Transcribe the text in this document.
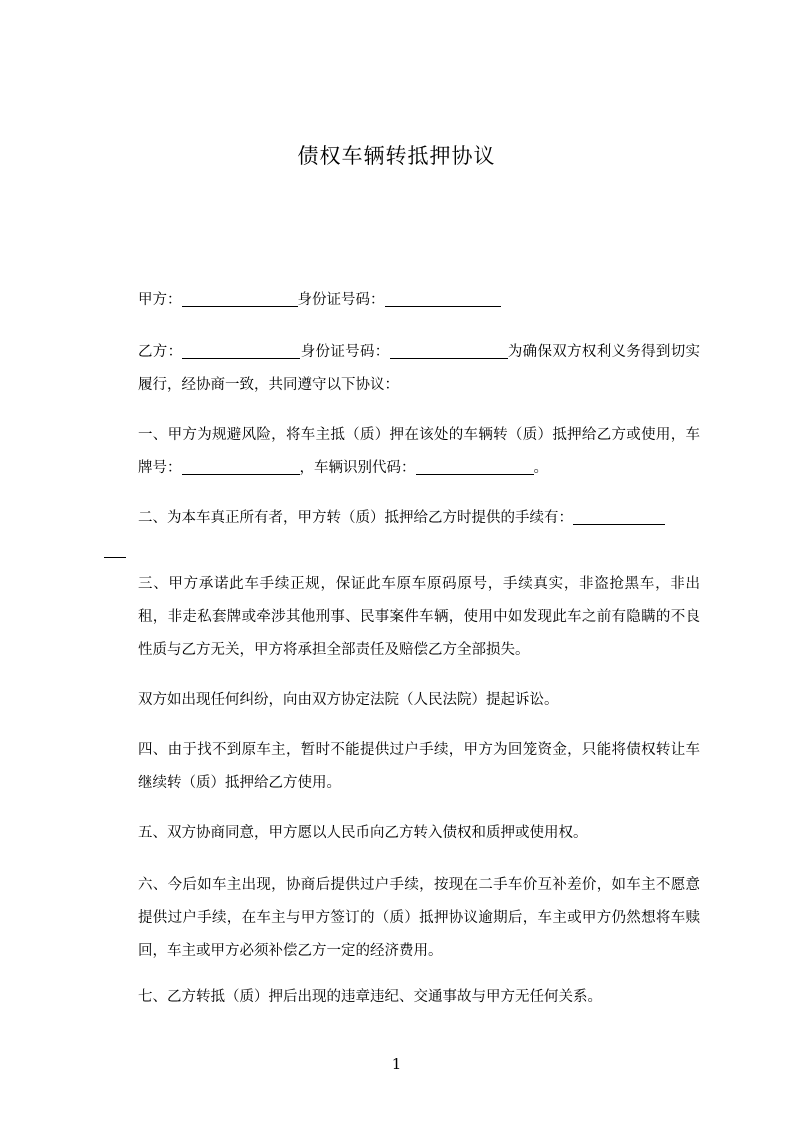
债权车辆转抵押协议
甲方：	身份证号码：
乙方：	身份证号码：	为确保双方权利义务得到切实履行，经协商一致，共同遵守以下协议：
一、甲方为规避风险，将车主抵（质）押在该处的车辆转（质）抵押给乙方或使用，车牌号：	，车辆识别代码：	。
二、为本车真正所有者，甲方转（质）抵押给乙方时提供的手续有：

三、甲方承诺此车手续正规，保证此车原车原码原号，手续真实，非盗抢黑车，非出租，非走私套牌或牵涉其他刑事、民事案件车辆，使用中如发现此车之前有隐瞒的不良性质与乙方无关，甲方将承担全部责任及赔偿乙方全部损失。
双方如出现任何纠纷，向由双方协定法院（人民法院）提起诉讼。
四、由于找不到原车主，暂时不能提供过户手续，甲方为回笼资金，只能将债权转让车继续转（质）抵押给乙方使用。
五、双方协商同意，甲方愿以人民币向乙方转入债权和质押或使用权。
六、今后如车主出现，协商后提供过户手续，按现在二手车价互补差价，如车主不愿意提供过户手续，在车主与甲方签订的（质）抵押协议逾期后，车主或甲方仍然想将车赎回，车主或甲方必须补偿乙方一定的经济费用。
七、乙方转抵（质）押后出现的违章违纪、交通事故与甲方无任何关系。
1
